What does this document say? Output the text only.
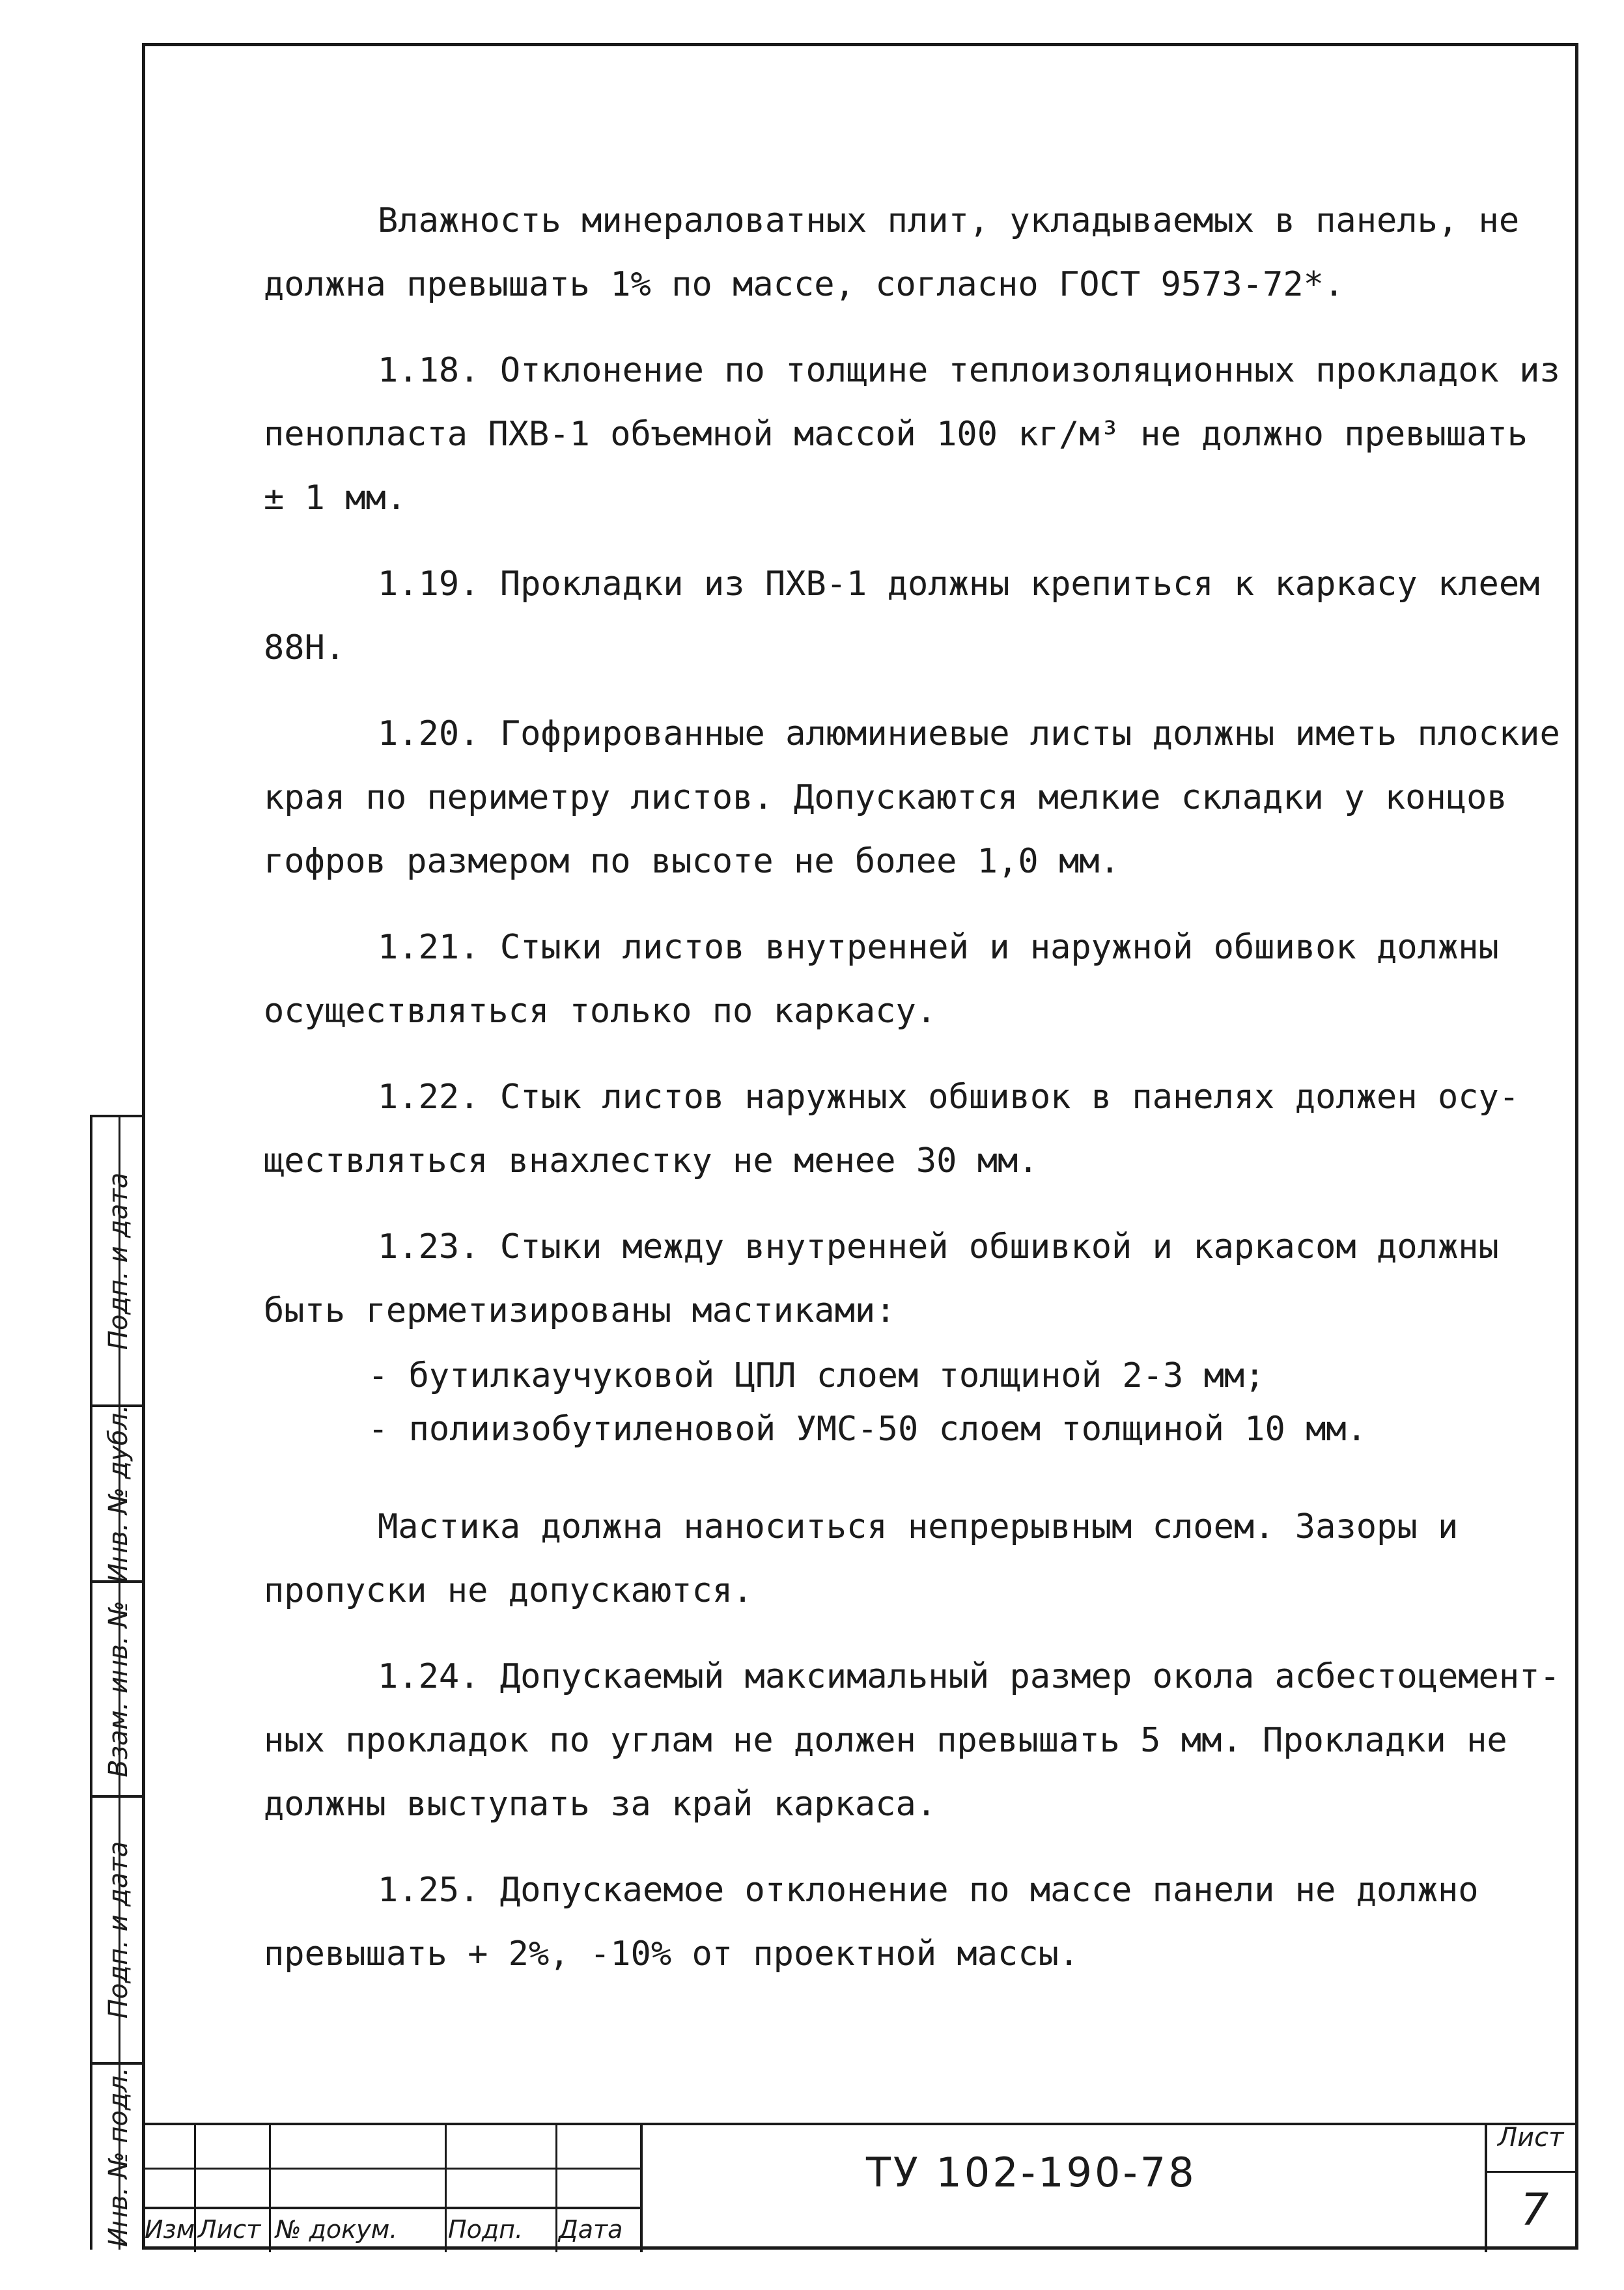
Влажность минераловатных плит, укладываемых в панель, не

должна превышать 1% по массе, согласно ГОСТ 9573-72*.

1.18. Отклонение по толщине теплоизоляционных прокладок из

пенопласта ПХВ-1 объемной массой 100 кг/м³ не должно превышать

± 1 мм.

1.19. Прокладки из ПХВ-1 должны крепиться к каркасу клеем

88Н.

1.20. Гофрированные алюминиевые листы должны иметь плоские

края по периметру листов. Допускаются мелкие складки у концов

гофров размером по высоте не более 1,0 мм.

1.21. Стыки листов внутренней и наружной обшивок должны

осуществляться только по каркасу.

1.22. Стык листов наружных обшивок в панелях должен осу-

ществляться внахлестку не менее 30 мм.

1.23. Стыки между внутренней обшивкой и каркасом должны

быть герметизированы мастиками:

- бутилкаучуковой ЦПЛ слоем толщиной 2-3 мм;

- полиизобутиленовой УМС-50 слоем толщиной 10 мм.

Мастика должна наноситься непрерывным слоем. Зазоры и

пропуски не допускаются.

1.24. Допускаемый максимальный размер окола асбестоцемент-

ных прокладок по углам не должен превышать 5 мм. Прокладки не

должны выступать за край каркаса.

1.25. Допускаемое отклонение по массе панели не должно

превышать + 2%, -10% от проектной массы.

Подп. и дата
Инв. № дубл.
Взам. инв. №
Подп. и дата
Инв. № подл. Изм Лист № докум. Подп. Дата
ТУ 102-190-78
Лист
7
